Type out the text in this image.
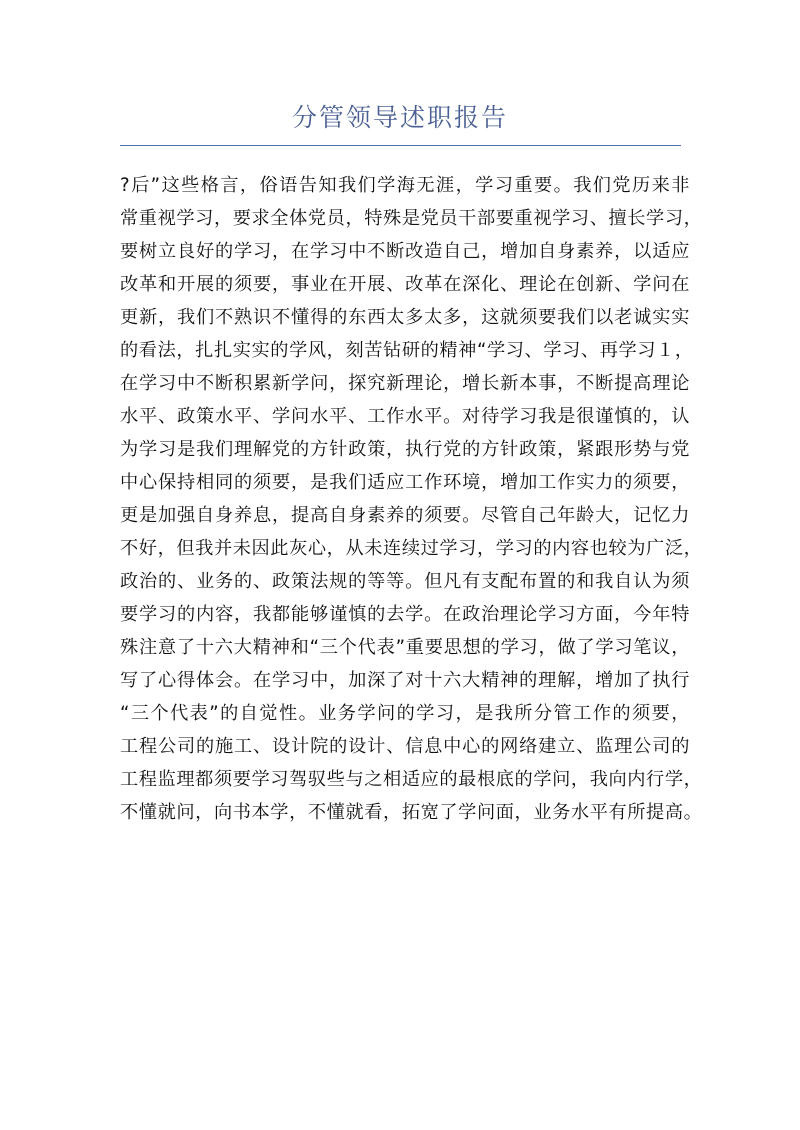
分管领导述职报告
?后”这些格言，俗语告知我们学海无涯，学习重要。我们党历来非
常重视学习，要求全体党员，特殊是党员干部要重视学习、擅长学习，
要树立良好的学习，在学习中不断改造自己，增加自身素养，以适应
改革和开展的须要，事业在开展、改革在深化、理论在创新、学问在
更新，我们不熟识不懂得的东西太多太多，这就须要我们以老诚实实
的看法，扎扎实实的学风，刻苦钻研的精神“学习、学习、再学习１，
在学习中不断积累新学问，探究新理论，增长新本事，不断提高理论
水平、政策水平、学问水平、工作水平。对待学习我是很谨慎的，认
为学习是我们理解党的方针政策，执行党的方针政策，紧跟形势与党
中心保持相同的须要，是我们适应工作环境，增加工作实力的须要，
更是加强自身养息，提高自身素养的须要。尽管自己年龄大，记忆力
不好，但我并未因此灰心，从未连续过学习，学习的内容也较为广泛，
政治的、业务的、政策法规的等等。但凡有支配布置的和我自认为须
要学习的内容，我都能够谨慎的去学。在政治理论学习方面，今年特
殊注意了十六大精神和“三个代表”重要思想的学习，做了学习笔议，
写了心得体会。在学习中，加深了对十六大精神的理解，增加了执行
“三个代表”的自觉性。业务学问的学习，是我所分管工作的须要，
工程公司的施工、设计院的设计、信息中心的网络建立、监理公司的
工程监理都须要学习驾驭些与之相适应的最根底的学问，我向内行学，
不懂就问，向书本学，不懂就看，拓宽了学问面，业务水平有所提高。
